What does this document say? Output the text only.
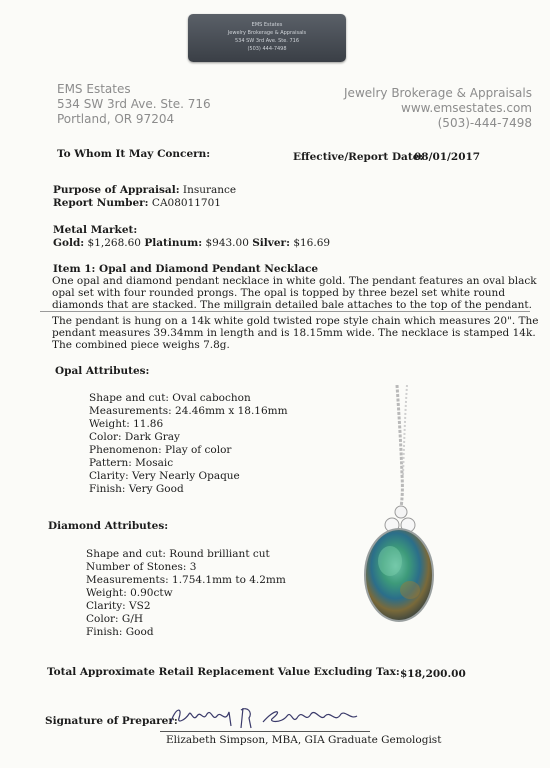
EMS Estates
Jewelry Brokerage & Appraisals
534 SW 3rd Ave. Ste. 716
(503) 444-7498
EMS Estates
534 SW 3rd Ave. Ste. 716
Portland, OR 97204
Jewelry Brokerage & Appraisals
www.emsestates.com
(503)-444-7498
To Whom It May Concern:	Effective/Report Date:
08/01/2017
Purpose of Appraisal: Insurance
Report Number: CA08011701
Metal Market:
Gold: $1,268.60 Platinum: $943.00 Silver: $16.69
Item 1: Opal and Diamond Pendant Necklace
One opal and diamond pendant necklace in white gold. The pendant features an oval black
opal set with four rounded prongs. The opal is topped by three bezel set white round
diamonds that are stacked. The millgrain detailed bale attaches to the top of the pendant.
The pendant is hung on a 14k white gold twisted rope style chain which measures 20". The
pendant measures 39.34mm in length and is 18.15mm wide. The necklace is stamped 14k.
The combined piece weighs 7.8g.
Opal Attributes:
Shape and cut: Oval cabochon
Measurements: 24.46mm x 18.16mm
Weight: 11.86
Color: Dark Gray
Phenomenon: Play of color
Pattern: Mosaic
Clarity: Very Nearly Opaque
Finish: Very Good
Diamond Attributes:
Shape and cut: Round brilliant cut
Number of Stones: 3
Measurements: 1.754.1mm to 4.2mm
Weight: 0.90ctw
Clarity: VS2
Color: G/H
Finish: Good
Total Approximate Retail Replacement Value Excluding Tax: $18,200.00
Signature of Preparer:
Elizabeth Simpson, MBA, GIA Graduate Gemologist
